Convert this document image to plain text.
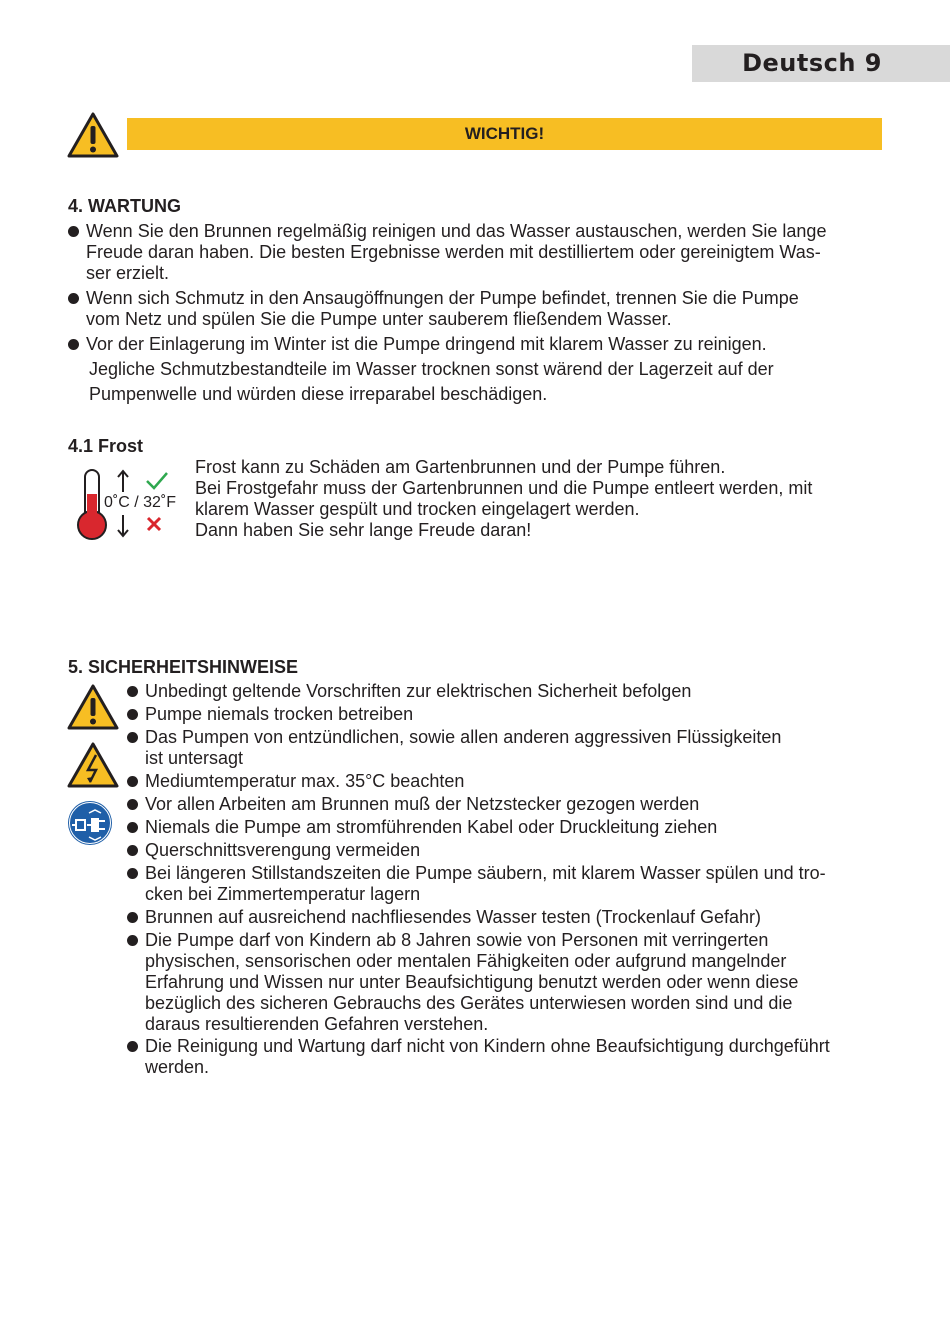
Deutsch 9
WICHTIG!
4. WARTUNG
Wenn Sie den Brunnen regelmäßig reinigen und das Wasser austauschen, werden Sie lange
Freude daran haben. Die besten Ergebnisse werden mit destilliertem oder gereinigtem Was-
ser erzielt.
Wenn sich Schmutz in den Ansaugöffnungen der Pumpe befindet, trennen Sie die Pumpe
vom Netz und spülen Sie die Pumpe unter sauberem fließendem Wasser.
Vor der Einlagerung im Winter ist die Pumpe dringend mit klarem Wasser zu reinigen.
Jegliche Schmutzbestandteile im Wasser trocknen sonst wärend der Lagerzeit auf der
Pumpenwelle und würden diese irreparabel beschädigen.
4.1 Frost
0˚C / 32˚F
Frost kann zu Schäden am Gartenbrunnen und der Pumpe führen.
Bei Frostgefahr muss der Gartenbrunnen und die Pumpe entleert werden, mit
klarem Wasser gespült und trocken eingelagert werden.
Dann haben Sie sehr lange Freude daran!
5. SICHERHEITSHINWEISE
Unbedingt geltende Vorschriften zur elektrischen Sicherheit befolgen
Pumpe niemals trocken betreiben
Das Pumpen von entzündlichen, sowie allen anderen aggressiven Flüssigkeiten
ist untersagt
Mediumtemperatur max. 35°C beachten
Vor allen Arbeiten am Brunnen muß der Netzstecker gezogen werden
Niemals die Pumpe am stromführenden Kabel oder Druckleitung ziehen
Querschnittsverengung vermeiden
Bei längeren Stillstandszeiten die Pumpe säubern, mit klarem Wasser spülen und tro-
cken bei Zimmertemperatur lagern
Brunnen auf ausreichend nachfliesendes Wasser testen (Trockenlauf Gefahr)
Die Pumpe darf von Kindern ab 8 Jahren sowie von Personen mit verringerten
physischen, sensorischen oder mentalen Fähigkeiten oder aufgrund mangelnder
Erfahrung und Wissen nur unter Beaufsichtigung benutzt werden oder wenn diese
bezüglich des sicheren Gebrauchs des Gerätes unterwiesen worden sind und die
daraus resultierenden Gefahren verstehen.
Die Reinigung und Wartung darf nicht von Kindern ohne Beaufsichtigung durchgeführt
werden.
